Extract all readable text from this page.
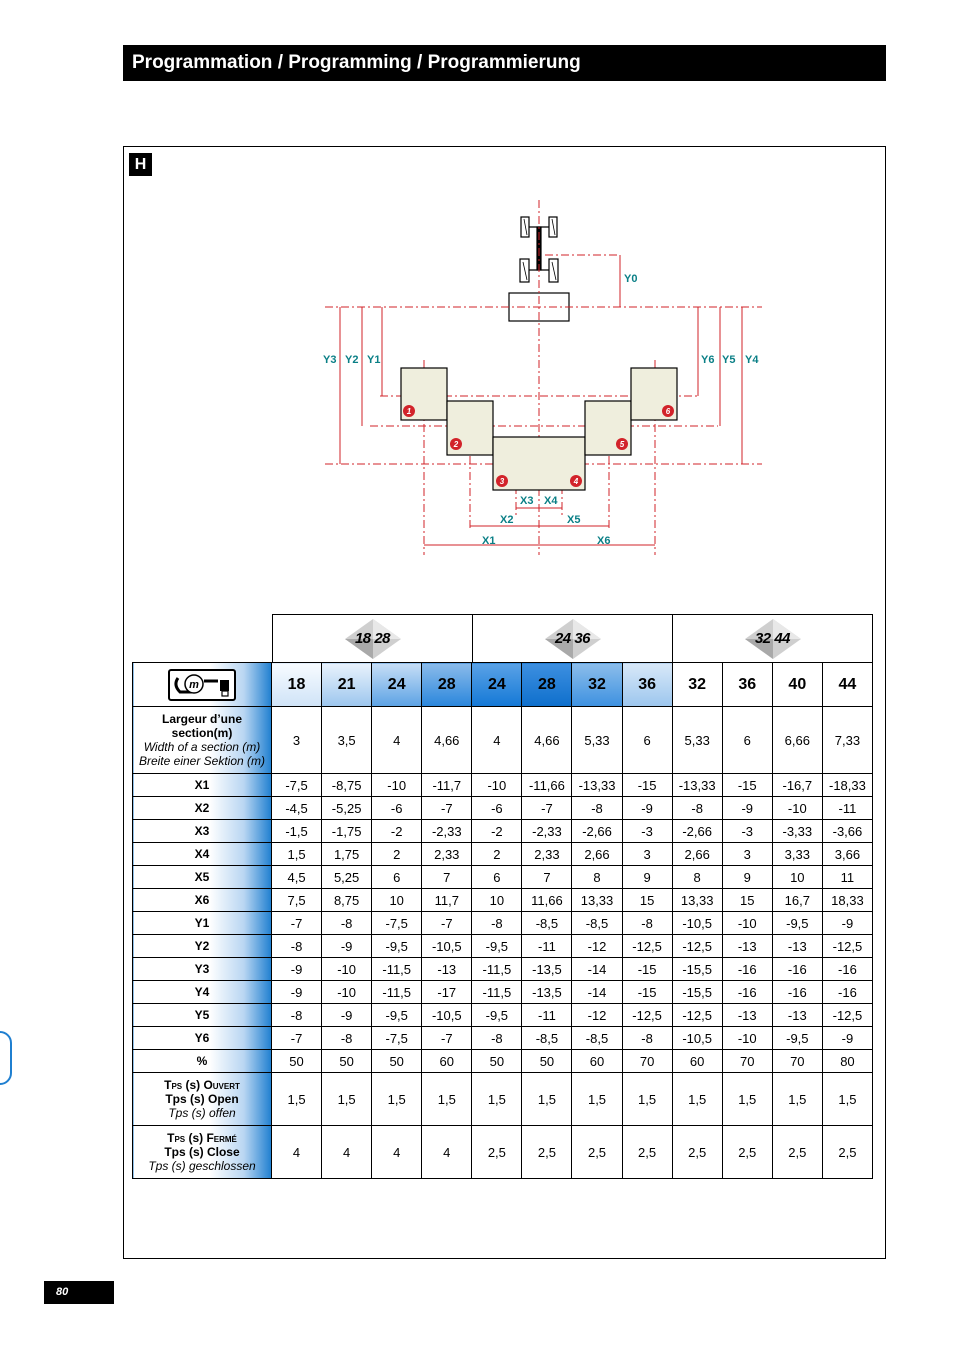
Programmation / Programming / Programmierung
H
1
2
3	4
5
6
Y0
Y3 Y2 Y1	Y6 Y5 Y4
X3 X4
X2	X5
X1	X6
18 28	24 36	32 44
m	18	21	24	28	24	28	32	36	32	36	40	44
Largeur d’une section(m)
Width of a section (m)
Breite einer Sektion (m)	3	3,5	4	4,66	4	4,66	5,33	6	5,33	6	6,66	7,33
X1	-7,5	-8,75	-10	-11,7	-10	-11,66	-13,33	-15	-13,33	-15	-16,7	-18,33
X2	-4,5	-5,25	-6	-7	-6	-7	-8	-9	-8	-9	-10	-11
X3	-1,5	-1,75	-2	-2,33	-2	-2,33	-2,66	-3	-2,66	-3	-3,33	-3,66
X4	1,5	1,75	2	2,33	2	2,33	2,66	3	2,66	3	3,33	3,66
X5	4,5	5,25	6	7	6	7	8	9	8	9	10	11
X6	7,5	8,75	10	11,7	10	11,66	13,33	15	13,33	15	16,7	18,33
Y1	-7	-8	-7,5	-7	-8	-8,5	-8,5	-8	-10,5	-10	-9,5	-9
Y2	-8	-9	-9,5	-10,5	-9,5	-11	-12	-12,5	-12,5	-13	-13	-12,5
Y3	-9	-10	-11,5	-13	-11,5	-13,5	-14	-15	-15,5	-16	-16	-16
Y4	-9	-10	-11,5	-17	-11,5	-13,5	-14	-15	-15,5	-16	-16	-16
Y5	-8	-9	-9,5	-10,5	-9,5	-11	-12	-12,5	-12,5	-13	-13	-12,5
Y6	-7	-8	-7,5	-7	-8	-8,5	-8,5	-8	-10,5	-10	-9,5	-9
%	50	50	50	60	50	50	60	70	60	70	70	80
Tps (s) Ouvert
Tps (s) Open
Tps (s) offen	1,5	1,5	1,5	1,5	1,5	1,5	1,5	1,5	1,5	1,5	1,5	1,5
Tps (s) Fermé
Tps (s) Close
Tps (s) geschlossen	4	4	4	4	2,5	2,5	2,5	2,5	2,5	2,5	2,5	2,5
80
